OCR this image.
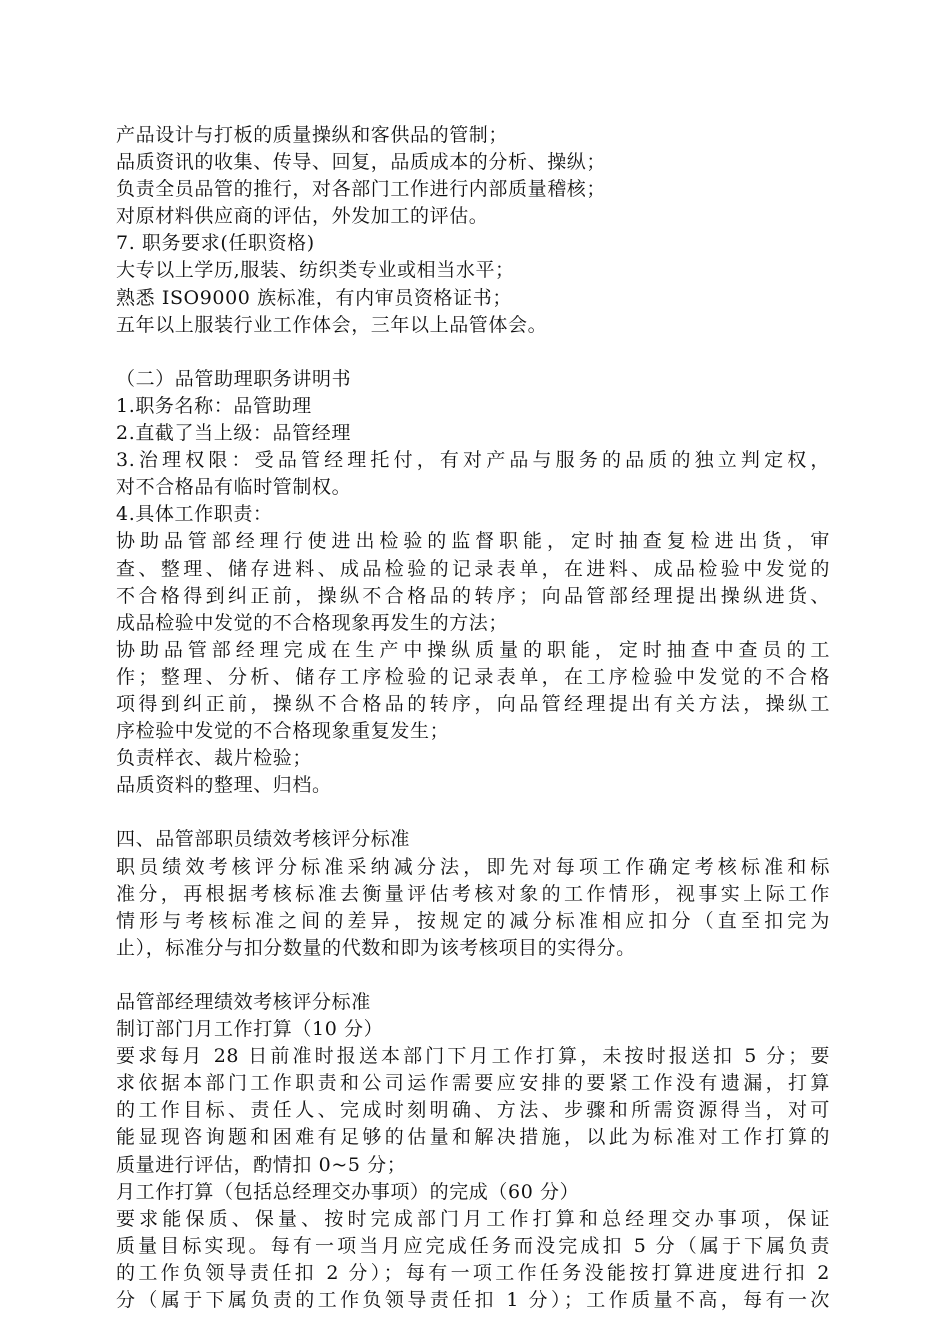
产品设计与打板的质量操纵和客供品的管制；
品质资讯的收集、传导、回复，品质成本的分析、操纵；
负责全员品管的推行，对各部门工作进行内部质量稽核；
对原材料供应商的评估，外发加工的评估。
7. 职务要求(任职资格)
大专以上学历,服装、纺织类专业或相当水平；
熟悉 ISO9000 族标准，有内审员资格证书；
五年以上服装行业工作体会，三年以上品管体会。
（二）品管助理职务讲明书
1.职务名称：品管助理
2.直截了当上级：品管经理
3.治理权限：受品管经理托付，有对产品与服务的品质的独立判定权，
对不合格品有临时管制权。
4.具体工作职责：
协助品管部经理行使进出检验的监督职能，定时抽查复检进出货，审
查、整理、储存进料、成品检验的记录表单，在进料、成品检验中发觉的
不合格得到纠正前，操纵不合格品的转序；向品管部经理提出操纵进货、
成品检验中发觉的不合格现象再发生的方法；
协助品管部经理完成在生产中操纵质量的职能，定时抽查中查员的工
作；整理、分析、储存工序检验的记录表单，在工序检验中发觉的不合格
项得到纠正前，操纵不合格品的转序，向品管经理提出有关方法，操纵工
序检验中发觉的不合格现象重复发生；
负责样衣、裁片检验；
品质资料的整理、归档。
四、品管部职员绩效考核评分标准
职员绩效考核评分标准采纳减分法，即先对每项工作确定考核标准和标
准分，再根据考核标准去衡量评估考核对象的工作情形，视事实上际工作
情形与考核标准之间的差异，按规定的减分标准相应扣分（直至扣完为
止），标准分与扣分数量的代数和即为该考核项目的实得分。
品管部经理绩效考核评分标准
制订部门月工作打算（10 分）
要求每月 28 日前准时报送本部门下月工作打算，未按时报送扣 5 分；要
求依据本部门工作职责和公司运作需要应安排的要紧工作没有遗漏，打算
的工作目标、责任人、完成时刻明确、方法、步骤和所需资源得当，对可
能显现咨询题和困难有足够的估量和解决措施，以此为标准对工作打算的
质量进行评估，酌情扣 0~5 分；
月工作打算（包括总经理交办事项）的完成（60 分）
要求能保质、保量、按时完成部门月工作打算和总经理交办事项，保证
质量目标实现。每有一项当月应完成任务而没完成扣 5 分（属于下属负责
的工作负领导责任扣 2 分）；每有一项工作任务没能按打算进度进行扣 2
分（属于下属负责的工作负领导责任扣 1 分）；工作质量不高，每有一次
